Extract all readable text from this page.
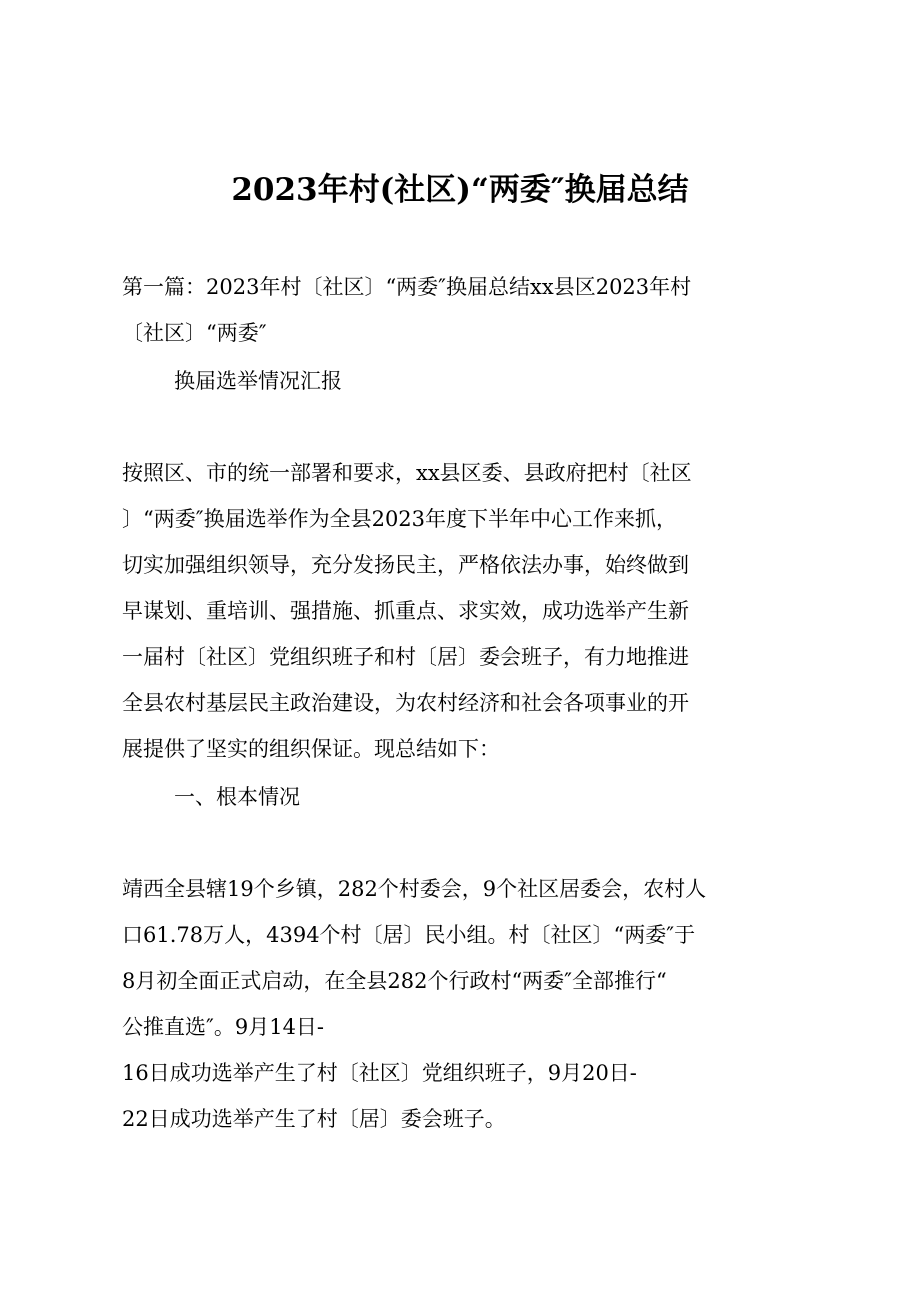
2023年村(社区)“两委″换届总结
第一篇：2023年村〔社区〕“两委″换届总结xx县区2023年村
〔社区〕“两委″
换届选举情况汇报
按照区、市的统一部署和要求，xx县区委、县政府把村〔社区
〕“两委″换届选举作为全县2023年度下半年中心工作来抓，
切实加强组织领导，充分发扬民主，严格依法办事，始终做到
早谋划、重培训、强措施、抓重点、求实效，成功选举产生新
一届村〔社区〕党组织班子和村〔居〕委会班子，有力地推进
全县农村基层民主政治建设，为农村经济和社会各项事业的开
展提供了坚实的组织保证。现总结如下：
一、根本情况
靖西全县辖19个乡镇，282个村委会，9个社区居委会，农村人
口61.78万人，4394个村〔居〕民小组。村〔社区〕“两委″于
8月初全面正式启动，在全县282个行政村“两委″全部推行“
公推直选″。9月14日-
16日成功选举产生了村〔社区〕党组织班子，9月20日-
22日成功选举产生了村〔居〕委会班子。
